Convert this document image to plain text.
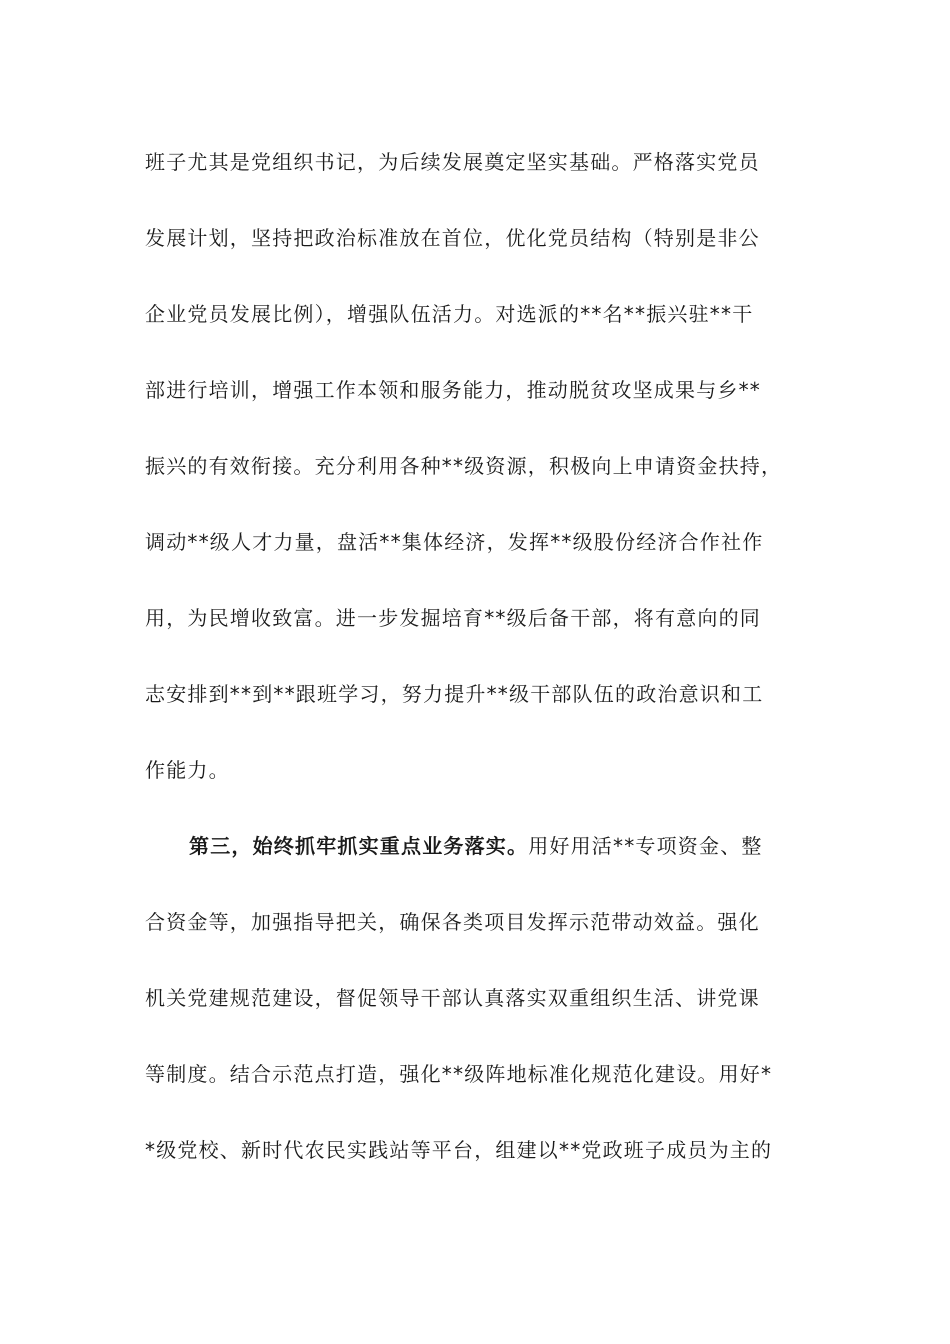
班子尤其是党组织书记，为后续发展奠定坚实基础。严格落实党员
发展计划，坚持把政治标准放在首位，优化党员结构（特别是非公
企业党员发展比例），增强队伍活力。对选派的**名**振兴驻**干
部进行培训，增强工作本领和服务能力，推动脱贫攻坚成果与乡**
振兴的有效衔接。充分利用各种**级资源，积极向上申请资金扶持，
调动**级人才力量，盘活**集体经济，发挥**级股份经济合作社作
用，为民增收致富。进一步发掘培育**级后备干部，将有意向的同
志安排到**到**跟班学习，努力提升**级干部队伍的政治意识和工
作能力。
第三，始终抓牢抓实重点业务落实。用好用活**专项资金、整
合资金等，加强指导把关，确保各类项目发挥示范带动效益。强化
机关党建规范建设，督促领导干部认真落实双重组织生活、讲党课
等制度。结合示范点打造，强化**级阵地标准化规范化建设。用好*
*级党校、新时代农民实践站等平台，组建以**党政班子成员为主的
